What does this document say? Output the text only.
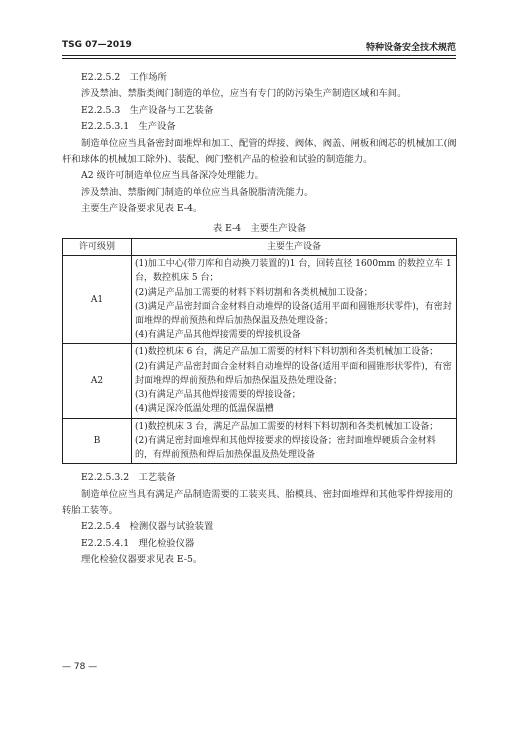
TSG 07—2019	特种设备安全技术规范

E2.2.5.2　工作场所

涉及禁油、禁脂类阀门制造的单位，应当有专门的防污染生产制造区域和车间。

E2.2.5.3　生产设备与工艺装备

E2.2.5.3.1　生产设备

制造单位应当具备密封面堆焊和加工、配管的焊接、阀体、阀盖、闸板和阀芯的机械加工(阀杆和球体的机械加工除外)、装配、阀门整机产品的检验和试验的制造能力。

A2 级许可制造单位应当具备深冷处理能力。

涉及禁油、禁脂阀门制造的单位应当具备脱脂清洗能力。

主要生产设备要求见表 E-4。

表 E-4　主要生产设备

许可级别	主要生产设备
A1	(1)加工中心(带刀库和自动换刀装置的)1 台，回转直径 1600mm 的数控立车 1 台，数控机床 5 台；
(2)满足产品加工需要的材料下料切割和各类机械加工设备；
(3)满足产品密封面合金材料自动堆焊的设备(适用平面和圆锥形状零件)，有密封面堆焊的焊前预热和焊后加热保温及热处理设备；
(4)有满足产品其他焊接需要的焊接机设备

A2	(1)数控机床 6 台，满足产品加工需要的材料下料切割和各类机械加工设备；
(2)有满足产品密封面合金材料自动堆焊的设备(适用平面和圆锥形状零件)，有密封面堆焊的焊前预热和焊后加热保温及热处理设备；
(3)有满足产品其他焊接需要的焊接设备；
(4)满足深冷低温处理的低温保温槽

B	(1)数控机床 3 台，满足产品加工需要的材料下料切割和各类机械加工设备；
(2)有满足密封面堆焊和其他焊接要求的焊接设备；密封面堆焊硬质合金材料的，有焊前预热和焊后加热保温及热处理设备

E2.2.5.3.2　工艺装备

制造单位应当具有满足产品制造需要的工装夹具、胎模具、密封面堆焊和其他零件焊接用的转胎工装等。

E2.2.5.4　检测仪器与试验装置

E2.2.5.4.1　理化检验仪器

理化检验仪器要求见表 E-5。

— 78 —
